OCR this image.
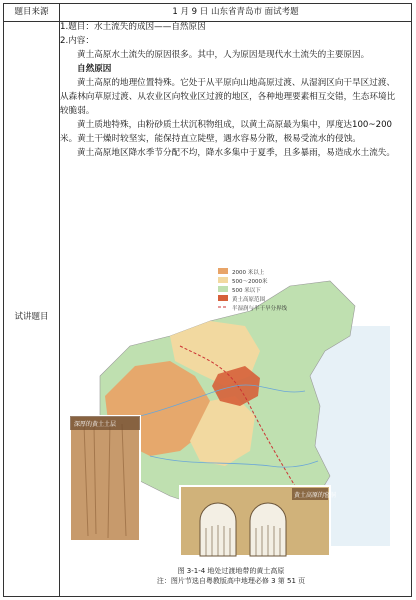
题目来源	1 月 9 日 山东省青岛市 面试考题
试讲题目

1.题目：水土流失的成因——自然原因

2.内容：

黄土高原水土流失的原因很多。其中，人为原因是现代水土流失的主要原因。

自然原因

黄土高原的地理位置特殊。它处于从平原向山地高原过渡、从湿润区向干旱区过渡、从森林向草原过渡、从农业区向牧业区过渡的地区，各种地理要素相互交错，生态环境比较脆弱。

黄土质地特殊，由粉砂质土状沉积物组成，以黄土高原最为集中，厚度达100~200 米。黄土干燥时较坚实，能保持直立陡壁，遇水容易分散，极易受流水的侵蚀。

黄土高原地区降水季节分配不均，降水多集中于夏季，且多暴雨，易造成水土流失。

2000 米以上
500～2000米
500 米以下
黄土高原范围
半湿润与半干旱分界线
深厚的黄土土层
黄土高原的窑洞
图 3-1-4 地处过渡地带的黄土高原
注：图片节选自粤教版高中地理必修 3 第 51 页
